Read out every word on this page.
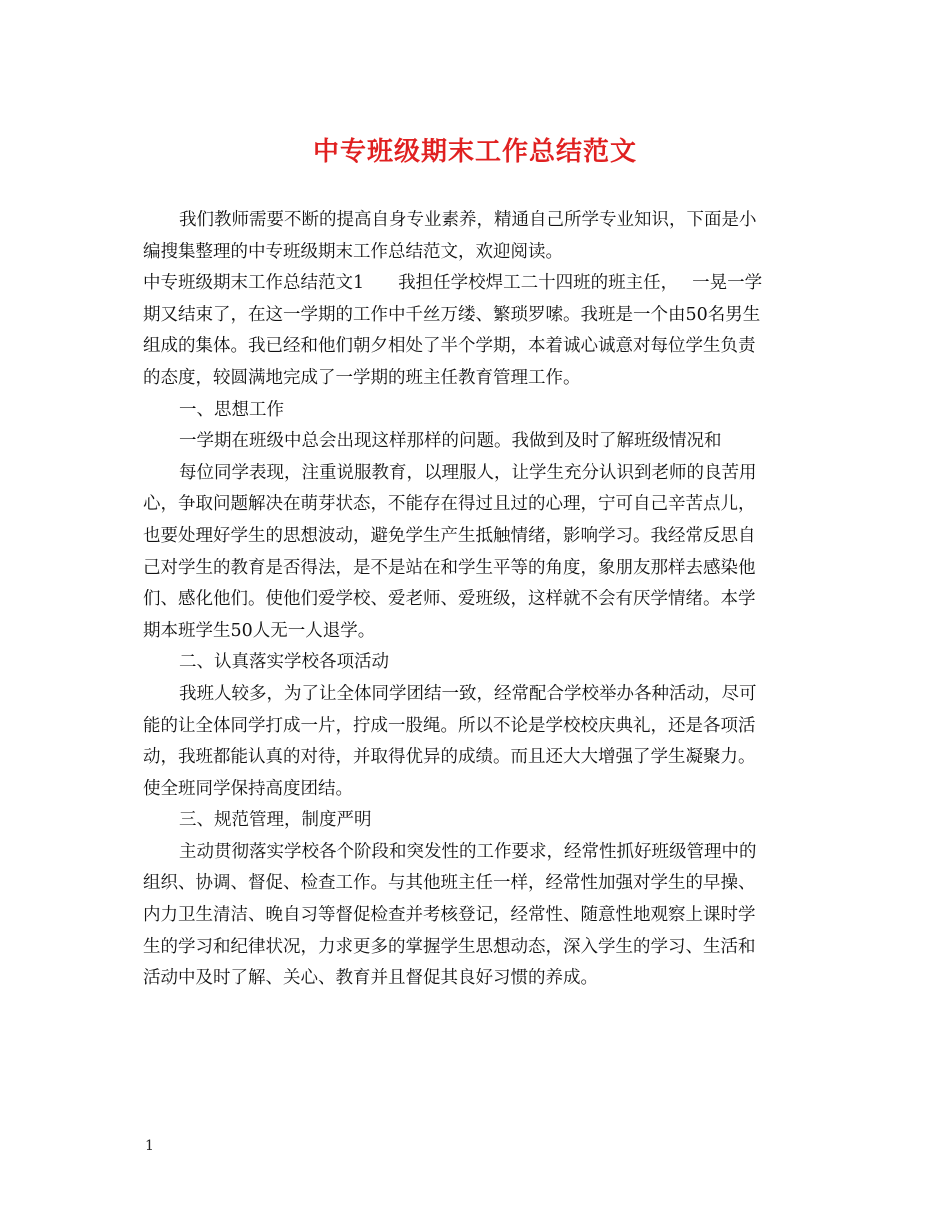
中专班级期末工作总结范文
我们教师需要不断的提高自身专业素养，精通自己所学专业知识，下面是小
编搜集整理的中专班级期末工作总结范文，欢迎阅读。
中专班级期末工作总结范文1 我担任学校焊工二十四班的班主任， 一晃一学
期又结束了，在这一学期的工作中千丝万缕、繁琐罗嗦。我班是一个由50名男生
组成的集体。我已经和他们朝夕相处了半个学期，本着诚心诚意对每位学生负责
的态度，较圆满地完成了一学期的班主任教育管理工作。
一、思想工作
一学期在班级中总会出现这样那样的问题。我做到及时了解班级情况和
每位同学表现，注重说服教育，以理服人，让学生充分认识到老师的良苦用
心，争取问题解决在萌芽状态，不能存在得过且过的心理，宁可自己辛苦点儿，
也要处理好学生的思想波动，避免学生产生抵触情绪，影响学习。我经常反思自
己对学生的教育是否得法，是不是站在和学生平等的角度，象朋友那样去感染他
们、感化他们。使他们爱学校、爱老师、爱班级，这样就不会有厌学情绪。本学
期本班学生50人无一人退学。
二、认真落实学校各项活动
我班人较多，为了让全体同学团结一致，经常配合学校举办各种活动，尽可
能的让全体同学打成一片，拧成一股绳。所以不论是学校校庆典礼，还是各项活
动，我班都能认真的对待，并取得优异的成绩。而且还大大增强了学生凝聚力。
使全班同学保持高度团结。
三、规范管理，制度严明
主动贯彻落实学校各个阶段和突发性的工作要求，经常性抓好班级管理中的
组织、协调、督促、检查工作。与其他班主任一样，经常性加强对学生的早操、
内力卫生清洁、晚自习等督促检查并考核登记，经常性、随意性地观察上课时学
生的学习和纪律状况，力求更多的掌握学生思想动态，深入学生的学习、生活和
活动中及时了解、关心、教育并且督促其良好习惯的养成。
1
